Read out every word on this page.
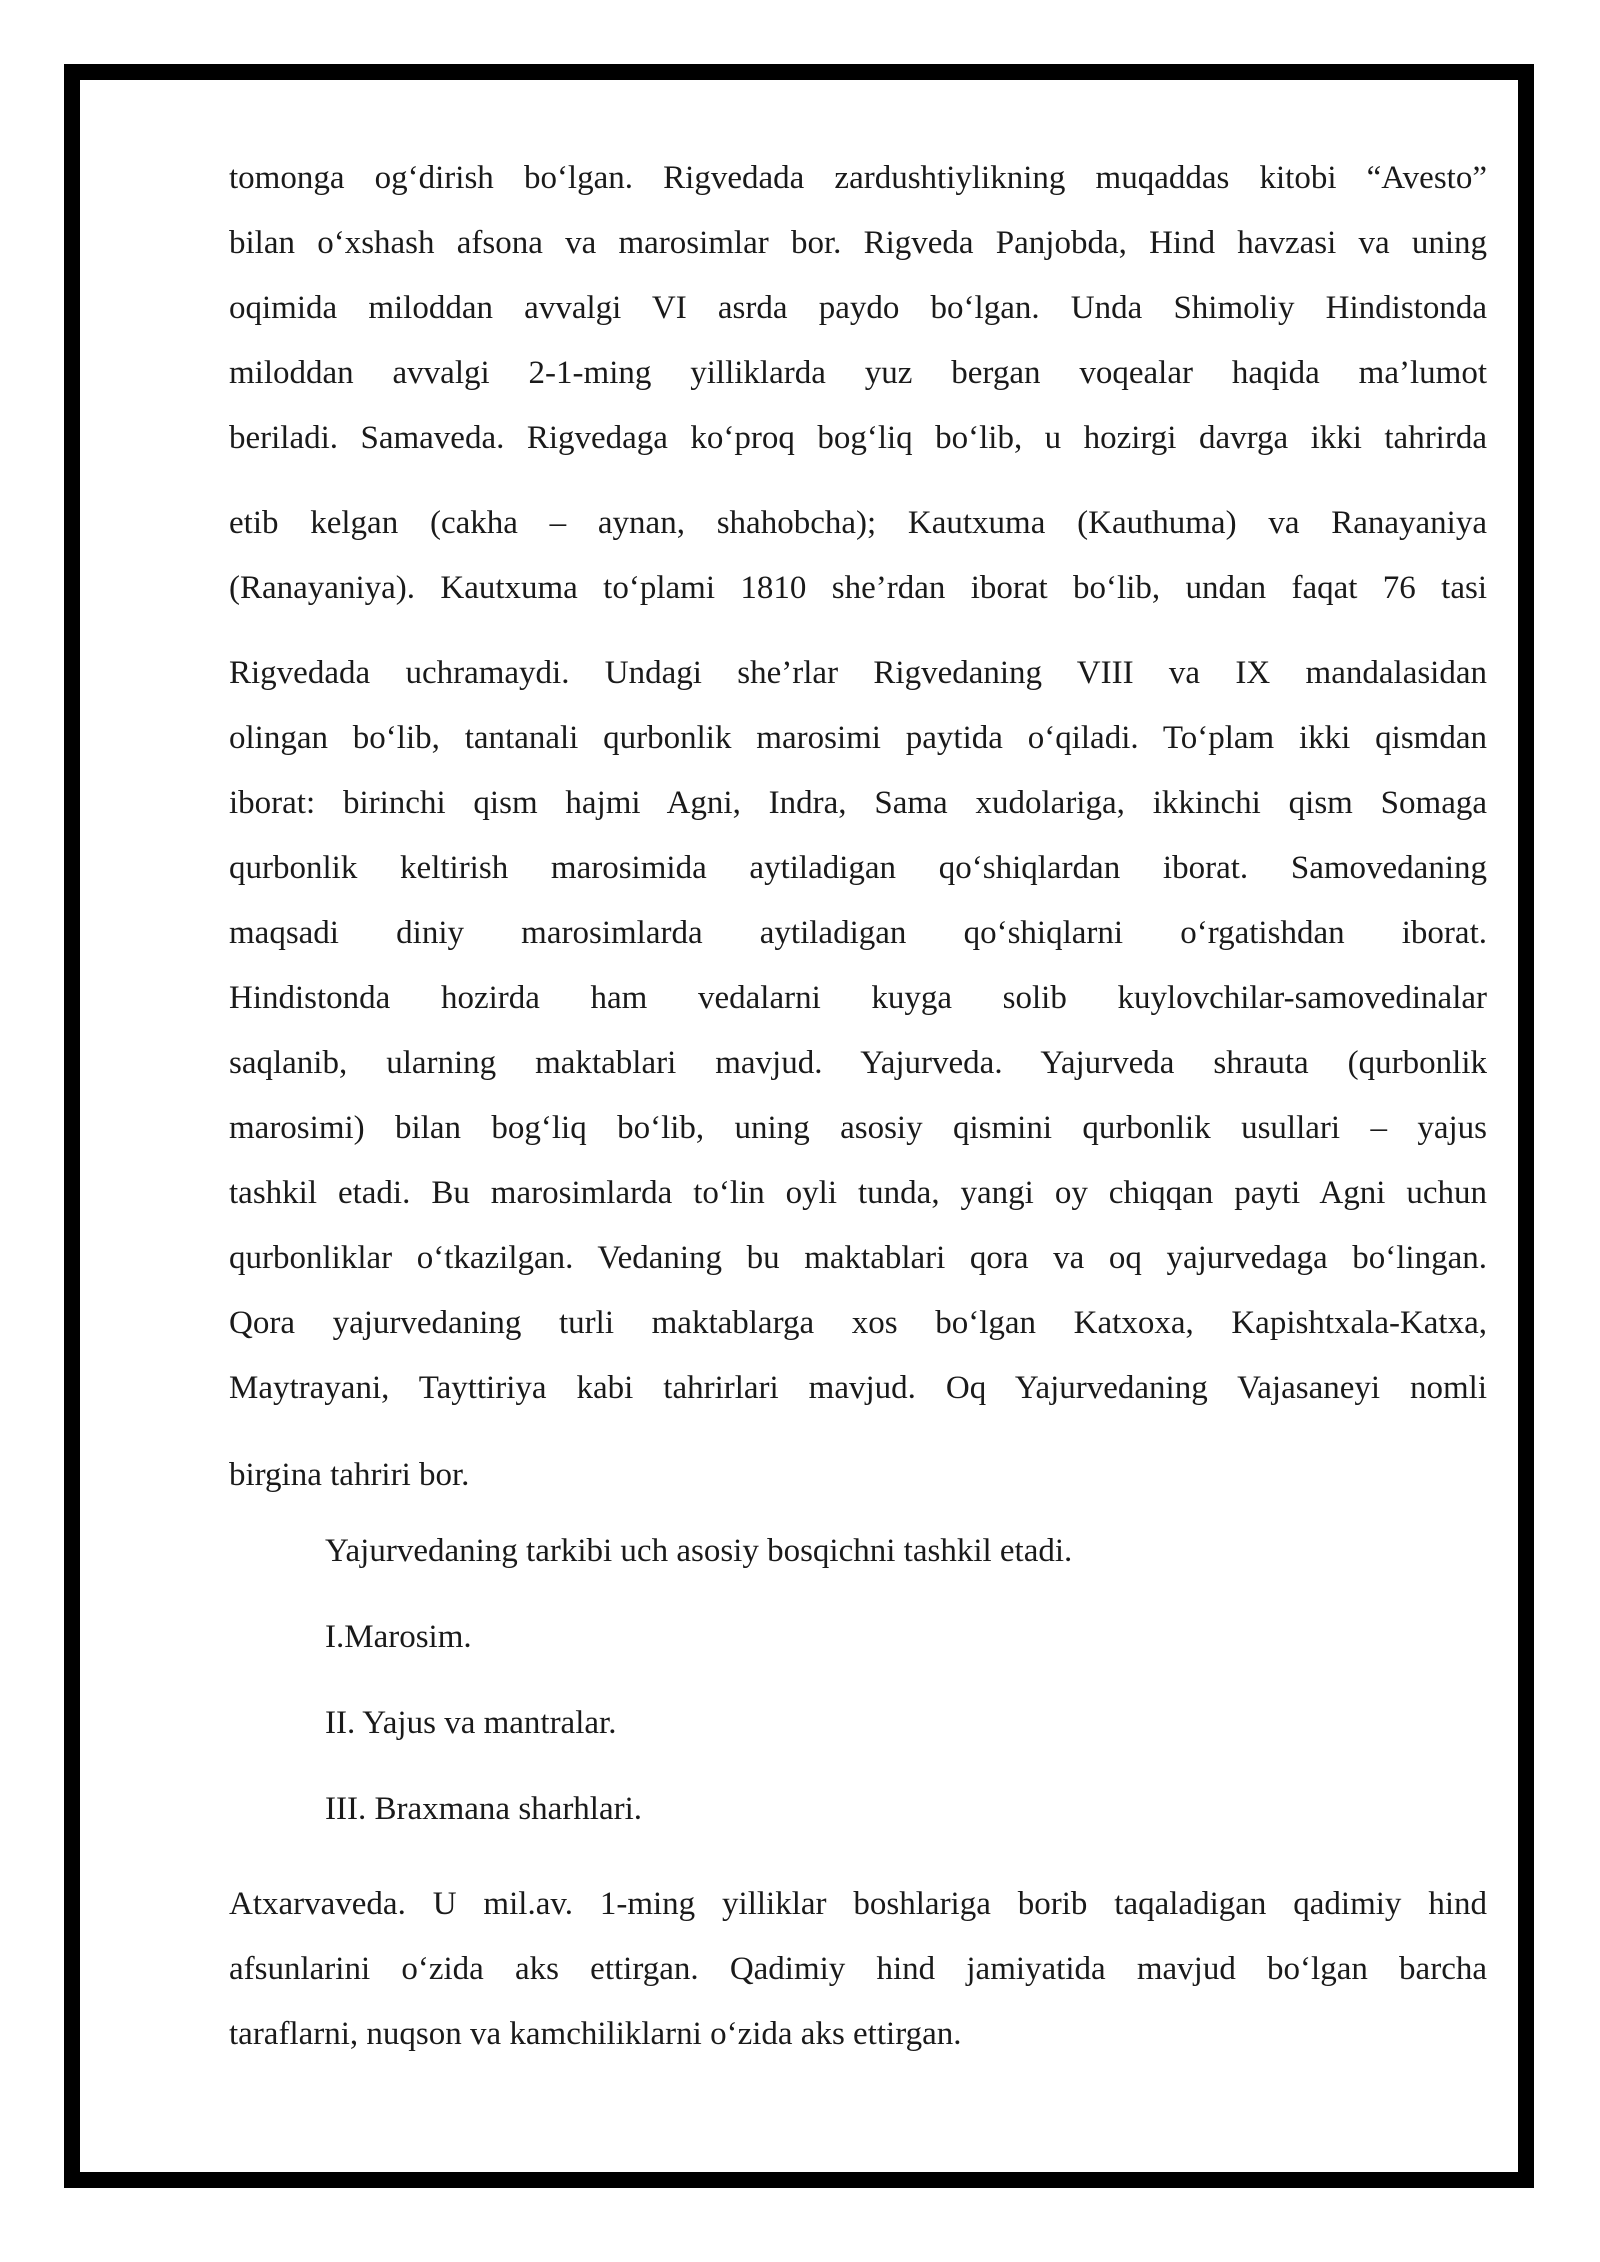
tomonga og‘dirish bo‘lgan. Rigvedada zardushtiylikning muqaddas kitobi “Avesto”
bilan o‘xshash afsona va marosimlar bor. Rigveda Panjobda, Hind havzasi va uning
oqimida miloddan avvalgi VI asrda paydo bo‘lgan. Unda Shimoliy Hindistonda
miloddan avvalgi 2-1-ming yilliklarda yuz bergan voqealar haqida ma’lumot
beriladi. Samaveda. Rigvedaga ko‘proq bog‘liq bo‘lib, u hozirgi davrga ikki tahrirda
etib kelgan (cakha – aynan, shahobcha); Kautxuma (Kauthuma) va Ranayaniya
(Ranayaniya). Kautxuma to‘plami 1810 she’rdan iborat bo‘lib, undan faqat 76 tasi
Rigvedada uchramaydi. Undagi she’rlar Rigvedaning VIII va IX mandalasidan
olingan bo‘lib, tantanali qurbonlik marosimi paytida o‘qiladi. To‘plam ikki qismdan
iborat: birinchi qism hajmi Agni, Indra, Sama xudolariga, ikkinchi qism Somaga
qurbonlik keltirish marosimida aytiladigan qo‘shiqlardan iborat. Samovedaning
maqsadi diniy marosimlarda aytiladigan qo‘shiqlarni o‘rgatishdan iborat.
Hindistonda hozirda ham vedalarni kuyga solib kuylovchilar-samovedinalar
saqlanib, ularning maktablari mavjud. Yajurveda. Yajurveda shrauta (qurbonlik
marosimi) bilan bog‘liq bo‘lib, uning asosiy qismini qurbonlik usullari – yajus
tashkil etadi. Bu marosimlarda to‘lin oyli tunda, yangi oy chiqqan payti Agni uchun
qurbonliklar o‘tkazilgan. Vedaning bu maktablari qora va oq yajurvedaga bo‘lingan.
Qora yajurvedaning turli maktablarga xos bo‘lgan Katxoxa, Kapishtxala-Katxa,
Maytrayani, Tayttiriya kabi tahrirlari mavjud. Oq Yajurvedaning Vajasaneyi nomli
birgina tahriri bor.
Yajurvedaning tarkibi uch asosiy bosqichni tashkil etadi.
I.Marosim.
II. Yajus va mantralar.
III. Braxmana sharhlari.
Atxarvaveda. U mil.av. 1-ming yilliklar boshlariga borib taqaladigan qadimiy hind
afsunlarini o‘zida aks ettirgan. Qadimiy hind jamiyatida mavjud bo‘lgan barcha
taraflarni, nuqson va kamchiliklarni o‘zida aks ettirgan.
